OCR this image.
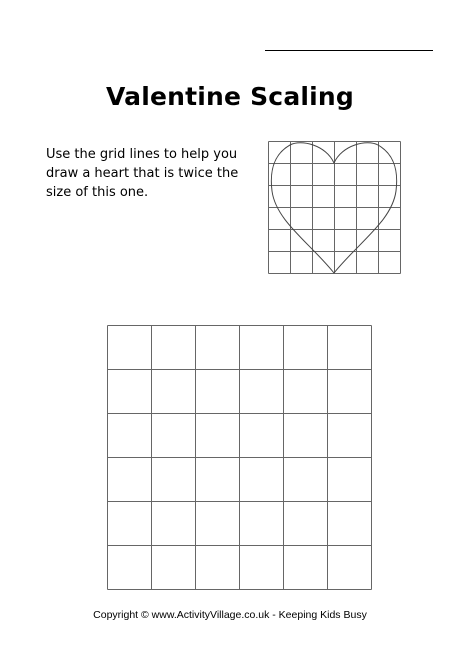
Valentine Scaling
Use the grid lines to help you
draw a heart that is twice the
size of this one.
Copyright © www.ActivityVillage.co.uk - Keeping Kids Busy
